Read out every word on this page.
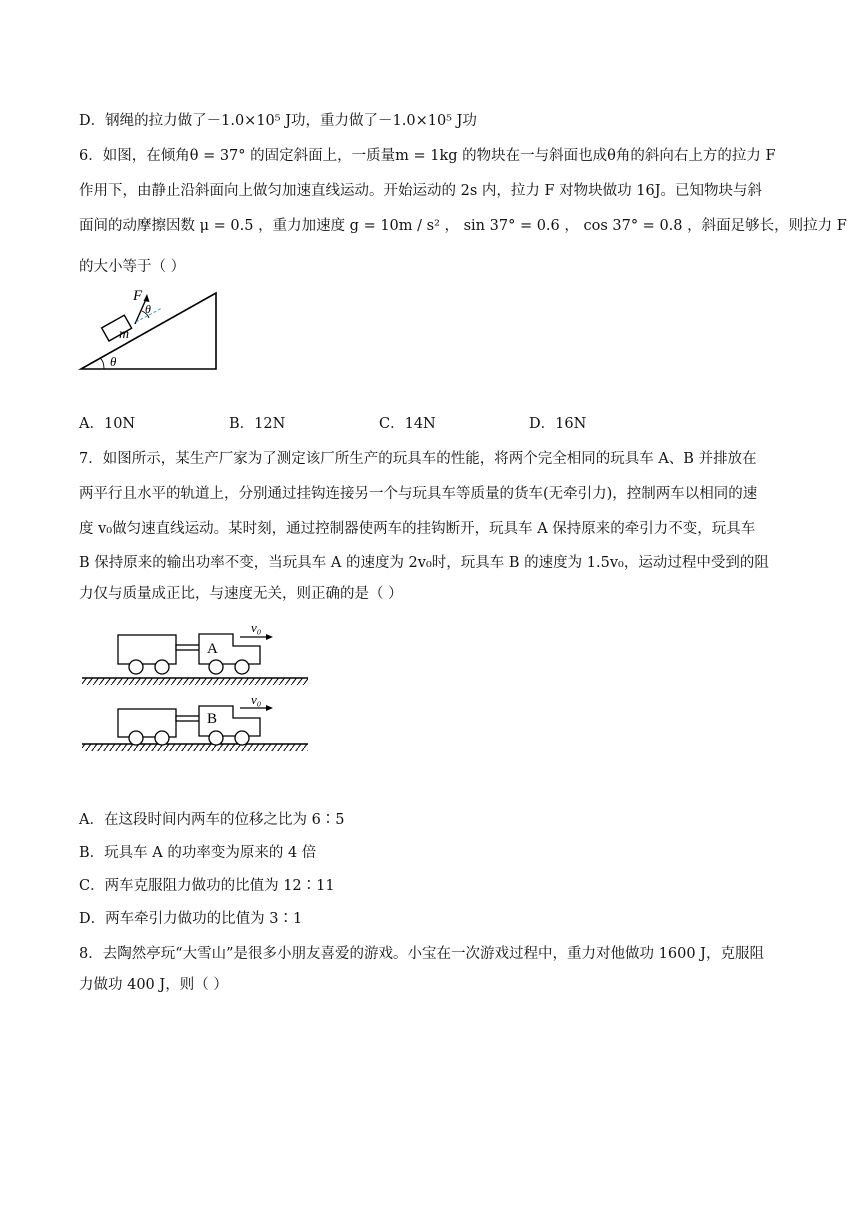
D．钢绳的拉力做了－1.0×10⁵ J功，重力做了－1.0×10⁵ J功
6．如图，在倾角θ = 37° 的固定斜面上，一质量m = 1kg 的物块在一与斜面也成θ角的斜向右上方的拉力 F
作用下，由静止沿斜面向上做匀加速直线运动。开始运动的 2s 内，拉力 F 对物块做功 16J。已知物块与斜
面间的动摩擦因数 μ = 0.5 ，重力加速度 g = 10m / s² ， sin 37° = 0.6 ， cos 37° = 0.8 ，斜面足够长，则拉力 F
的大小等于（ ）
m
F
θ
θ
A．10N	B．12N	C．14N	D．16N
7．如图所示，某生产厂家为了测定该厂所生产的玩具车的性能，将两个完全相同的玩具车 A、B 并排放在
两平行且水平的轨道上，分别通过挂钩连接另一个与玩具车等质量的货车(无牵引力)，控制两车以相同的速
度 v₀做匀速直线运动。某时刻，通过控制器使两车的挂钩断开，玩具车 A 保持原来的牵引力不变，玩具车
B 保持原来的输出功率不变，当玩具车 A 的速度为 2v₀时，玩具车 B 的速度为 1.5v₀，运动过程中受到的阻
力仅与质量成正比，与速度无关，则正确的是（ ）
A
v₀
B
v₀
A．在这段时间内两车的位移之比为 6∶5
B．玩具车 A 的功率变为原来的 4 倍
C．两车克服阻力做功的比值为 12∶11
D．两车牵引力做功的比值为 3∶1
8．去陶然亭玩“大雪山”是很多小朋友喜爱的游戏。小宝在一次游戏过程中，重力对他做功 1600 J，克服阻
力做功 400 J，则（ ）
